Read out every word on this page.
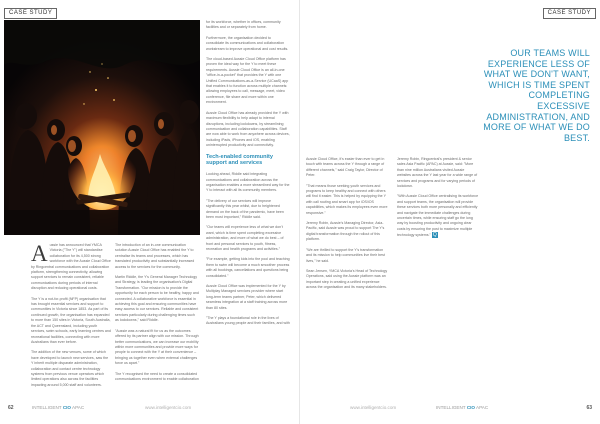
CASE STUDY	CASE STUDY

Aussie has announced that YMCA Victoria ("The Y") will standardise collaboration for its 4,500 strong workforce with the Aussie Cloud Office by Ringcentral communications and collaboration platform, strengthening connectivity, allowing support services to remain consistent, reliable communications during periods of internal disruption and reducing operational costs.

The Y is a not-for-profit (NFP) organisation that has brought essential services and support to communities in Victoria since 1853. As part of its continued growth, the organisation has expanded to more than 150 sites in Victoria, South Australia, the ACT and Queensland, including youth services, swim schools, early learning centres and recreational facilities, connecting with more Australians than ever before.

The addition of the new venues, some of which have developed to launch new services, saw the Y inherit multiple disparate administration, collaboration and contact centre technology systems from previous venue operators which limited operations also across the facilities impacting around 5,000 staff and volunteers.

The introduction of an in-one communication solution Aussie Cloud Office has enabled the Y to centralise its teams and processes, which has translated productivity and substantially increased access to the services for the community.

Martin Riddle, the Y's General Manager Technology and Strategy, is leading the organisation's Digital Transformation. "Our mission is to provide the opportunity for each person to be healthy, happy and connected. A collaborative workforce is essential in achieving this goal and ensuring communities have easy access to our services. Reliable and consistent services particularly during challenging times such as lockdowns," said Riddle.

"Aussie was a natural fit for us as the outcomes offered by its partner align with our mission. Through better communications, we can increase our mobility within more communities and provide more ways for people to connect with the Y at their convenience – bringing us together even when external challenges force us apart."

The Y recognised the need to create a consolidated communications environment to enable collaboration

for its workforce, whether in offices, community facilities and or separately from home.

Furthermore, the organisation decided to consolidate its communications and collaboration workstream to improve operational and cost results.

The cloud-based Aussie Cloud Office platform has proven the ideal way for the Y to meet these requirements. Aussie Cloud Office is an all-in-one "office-in-a-pocket" that provides the Y with one Unified Communications-as-a-Service (UCaaS) app that enables it to function across multiple channels: allowing employees to call, message, meet, video conference, file share and more within one environment.

Aussie Cloud Office has already provided the Y with maximum flexibility to help adapt to internal disruptions, including lockdowns, by streamlining communication and collaboration capabilities. Staff are now able to work from anywhere across devices, including iPads, iPhones and iOS, enabling uninterrupted productivity and connectivity.

Tech-enabled community support and services

Looking ahead, Riddle said integrating communications and collaboration across the organisation enables a more streamlined way for the Y to interact with all its community members.

"The delivery of our services will improve significantly this year whilst, due to heightened demand on the back of the pandemic, have been been most important," Riddle said.

"Our teams will experience less of what we don't want, which is time spent completing excessive administration, and more of what we do best – of front and personal services to youth, fitness, recreation and health programs and activities."

"For example, getting kids into the pool and teaching them to swim will become a much smoother process with all bookings, cancellations and questions being consolidated."

Aussie Cloud Office was implemented for the Y by Multiplay Managed services provider where start long-term teams partner, Peter, which delivered seamless integration at a staff training across more than 80 sites.

"The Y plays a foundational role in the lives of Australians young people and their families, and with

OUR TEAMS WILL EXPERIENCE LESS OF WHAT WE DON'T WANT, WHICH IS TIME SPENT COMPLETING EXCESSIVE ADMINISTRATION, AND MORE OF WHAT WE DO BEST.

Aussie Cloud Office, it's easier than ever to get in touch with teams across the Y through a range of different channels," said Craig Taylor, Director of Peter.

"That means those seeking youth services and programs to keep healthy and connect with others will find it easier. This is helped by equipping the Y with call routing and smart app for iOS/iOS capabilities, which makes its employees even more responsive."

Jeremy Robin, Aussie's Managing Director, Asia-Pacific, said Aussie was proud to support The Y's digital transformation through the rollout of this platform.

"We are thrilled to support the Y's transformation and its mission to help communities live their best lives," he said.

Sean Jensen, YMCA Victoria's Head of Technology Operations, said using the Aussie platform was an important step in creating a unified experience across the organisation and its many stakeholders.

Jeremy Robin, Ringcentral's president & senior sales Asia Pacific (APAC) at Aussie, said: "More than nine million Australians visited Aussie websites across the Y last year for a wide range of services and programs and for varying periods of lockdown.

"With Aussie Cloud Office centralising its workforce and support teams, the organisation will provide these services both more personally and efficiently and navigate the immediate challenges during uncertain times, while ensuring staff go the long way by boosting productivity and ongoing clear costs by ensuring the post to maximize multiple technology systems." Q

62	INTELLIGENT CIO APAC	www.intelligentcio.com	www.intelligentcio.com	INTELLIGENT CIO APAC	63
